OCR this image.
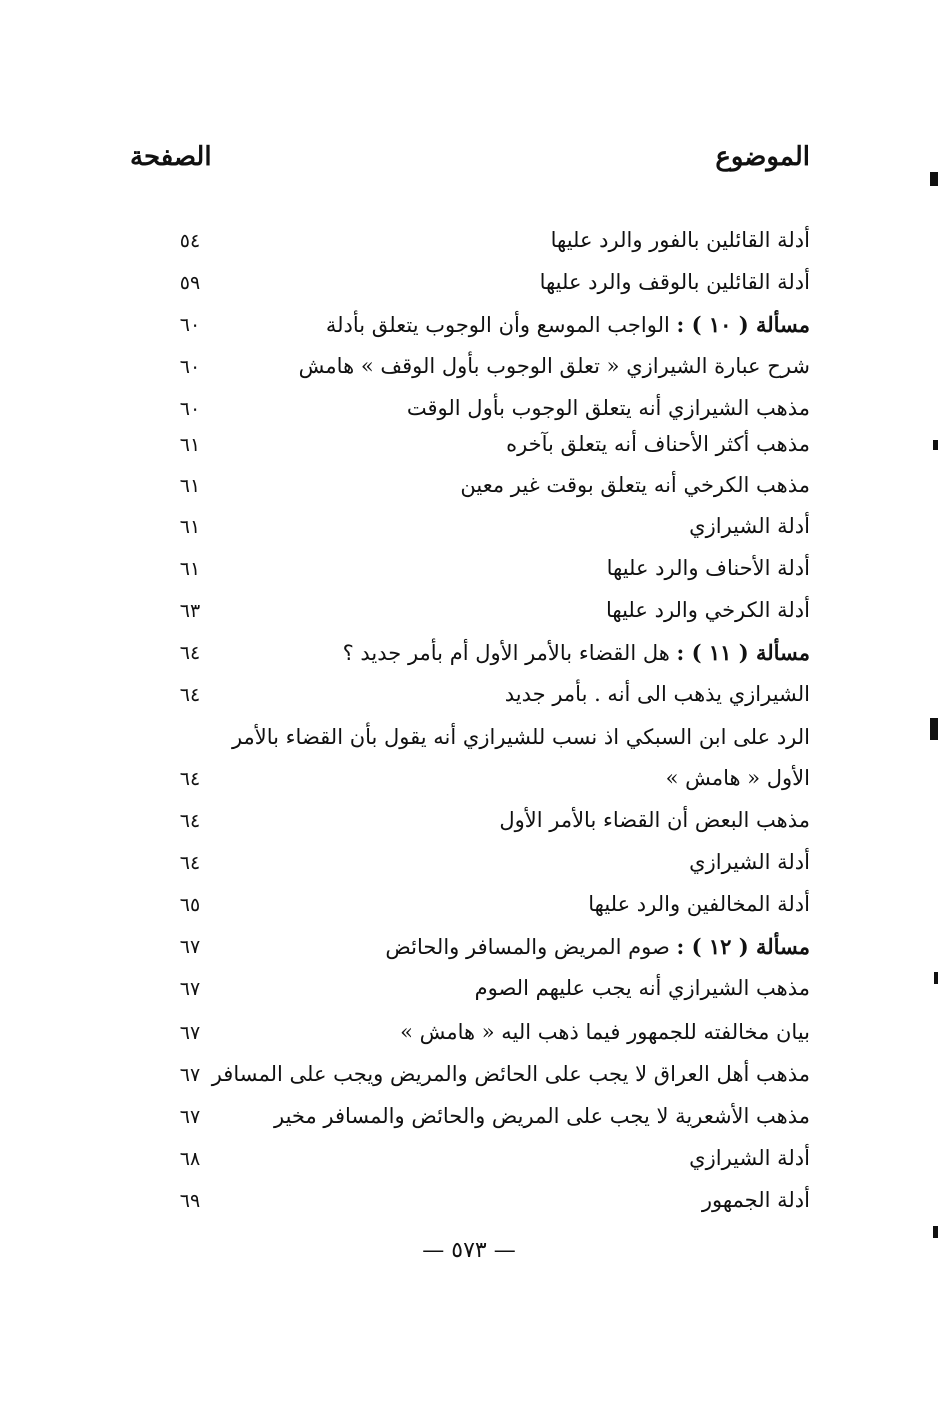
الموضوع
الصفحة
أدلة القائلين بالفور والرد عليها
٥٤
أدلة القائلين بالوقف والرد عليها
٥٩
مسألة ( ١٠ ) : الواجب الموسع وأن الوجوب يتعلق بأدلة
٦٠
شرح عبارة الشيرازي « تعلق الوجوب بأول الوقف » هامش
٦٠
مذهب الشيرازي أنه يتعلق الوجوب بأول الوقت
٦٠
مذهب أكثر الأحناف أنه يتعلق بآخره
٦١
مذهب الكرخي أنه يتعلق بوقت غير معين
٦١
أدلة الشيرازي
٦١
أدلة الأحناف والرد عليها
٦١
أدلة الكرخي والرد عليها
٦٣
مسألة ( ١١ ) : هل القضاء بالأمر الأول أم بأمر جديد ؟
٦٤
الشيرازي يذهب الى أنه . بأمر جديد
٦٤
الرد على ابن السبكي اذ نسب للشيرازي أنه يقول بأن القضاء بالأمر
الأول « هامش »
٦٤
مذهب البعض أن القضاء بالأمر الأول
٦٤
أدلة الشيرازي
٦٤
أدلة المخالفين والرد عليها
٦٥
مسألة ( ١٢ ) : صوم المريض والمسافر والحائض
٦٧
مذهب الشيرازي أنه يجب عليهم الصوم
٦٧
بيان مخالفته للجمهور فيما ذهب اليه « هامش »
٦٧
مذهب أهل العراق لا يجب على الحائض والمريض ويجب على المسافر
٦٧
مذهب الأشعرية لا يجب على المريض والحائض والمسافر مخير
٦٧
أدلة الشيرازي
٦٨
أدلة الجمهور
٦٩
— ٥٧٣ —
